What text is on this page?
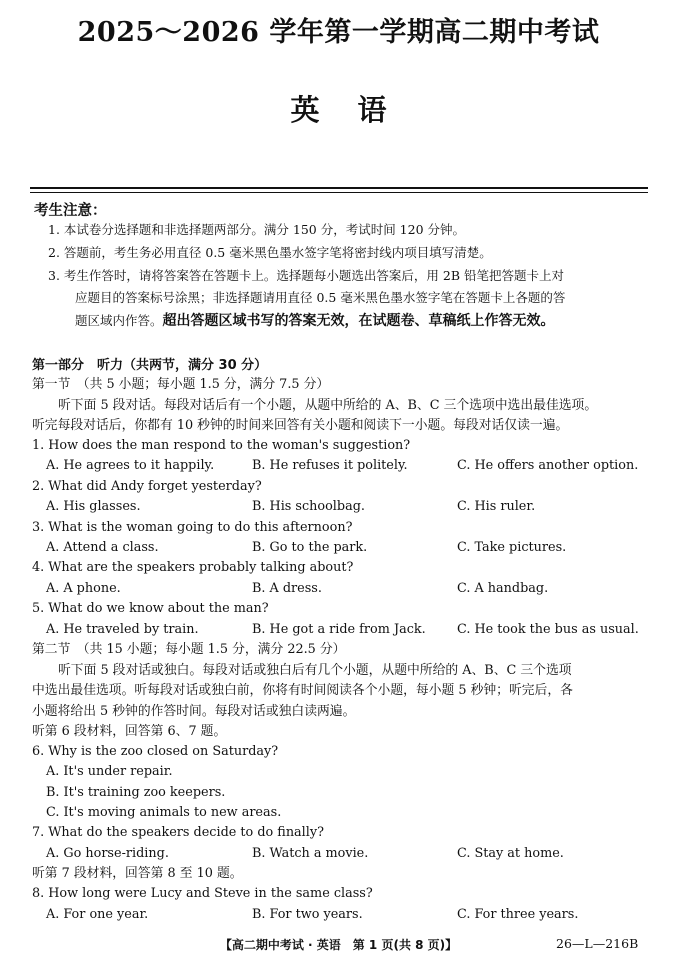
2025～2026 学年第一学期高二期中考试
英语
考生注意：
1. 本试卷分选择题和非选择题两部分。满分 150 分，考试时间 120 分钟。
2. 答题前，考生务必用直径 0.5 毫米黑色墨水签字笔将密封线内项目填写清楚。
3. 考生作答时，请将答案答在答题卡上。选择题每小题选出答案后，用 2B 铅笔把答题卡上对
应题目的答案标号涂黑；非选择题请用直径 0.5 毫米黑色墨水签字笔在答题卡上各题的答
题区域内作答。超出答题区域书写的答案无效，在试题卷、草稿纸上作答无效。
第一部分　听力（共两节，满分 30 分）
第一节　（共 5 小题；每小题 1.5 分，满分 7.5 分）
听下面 5 段对话。每段对话后有一个小题，从题中所给的 A、B、C 三个选项中选出最佳选项。
听完每段对话后，你都有 10 秒钟的时间来回答有关小题和阅读下一小题。每段对话仅读一遍。
1. How does the man respond to the woman's suggestion?
A. He agrees to it happily.	B. He refuses it politely.	C. He offers another option.
2. What did Andy forget yesterday?
A. His glasses.	B. His schoolbag.	C. His ruler.
3. What is the woman going to do this afternoon?
A. Attend a class.	B. Go to the park.	C. Take pictures.
4. What are the speakers probably talking about?
A. A phone.	B. A dress.	C. A handbag.
5. What do we know about the man?
A. He traveled by train.	B. He got a ride from Jack. C. He took the bus as usual.
第二节　（共 15 小题；每小题 1.5 分，满分 22.5 分）
听下面 5 段对话或独白。每段对话或独白后有几个小题，从题中所给的 A、B、C 三个选项
中选出最佳选项。听每段对话或独白前，你将有时间阅读各个小题，每小题 5 秒钟；听完后，各
小题将给出 5 秒钟的作答时间。每段对话或独白读两遍。
听第 6 段材料，回答第 6、7 题。
6. Why is the zoo closed on Saturday?
A. It's under repair.
B. It's training zoo keepers.
C. It's moving animals to new areas.
7. What do the speakers decide to do finally?
A. Go horse-riding.	B. Watch a movie.	C. Stay at home.
听第 7 段材料，回答第 8 至 10 题。
8. How long were Lucy and Steve in the same class?
A. For one year.	B. For two years.	C. For three years.
【高二期中考试 · 英语　第 1 页(共 8 页)】	26—L—216B
